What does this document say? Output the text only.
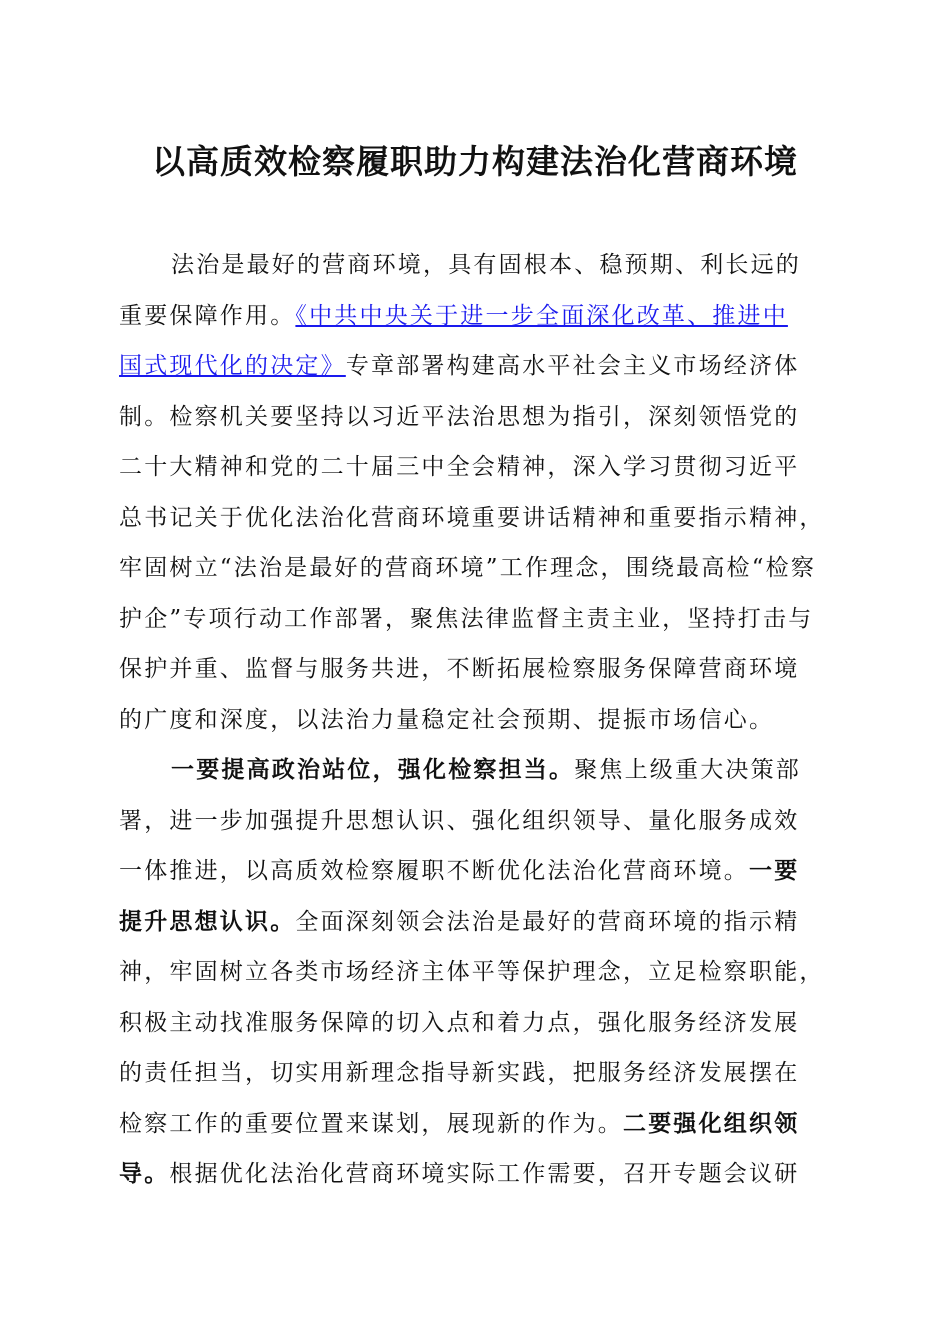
以高质效检察履职助力构建法治化营商环境
法治是最好的营商环境，具有固根本、稳预期、利长远的
重要保障作用。《中共中央关于进一步全面深化改革、推进中
国式现代化的决定》专章部署构建高水平社会主义市场经济体
制。检察机关要坚持以习近平法治思想为指引，深刻领悟党的
二十大精神和党的二十届三中全会精神，深入学习贯彻习近平
总书记关于优化法治化营商环境重要讲话精神和重要指示精神，
牢固树立“法治是最好的营商环境”工作理念，围绕最高检“检察
护企”专项行动工作部署，聚焦法律监督主责主业，坚持打击与
保护并重、监督与服务共进，不断拓展检察服务保障营商环境
的广度和深度，以法治力量稳定社会预期、提振市场信心。
一要提高政治站位，强化检察担当。聚焦上级重大决策部
署，进一步加强提升思想认识、强化组织领导、量化服务成效
一体推进，以高质效检察履职不断优化法治化营商环境。一要
提升思想认识。全面深刻领会法治是最好的营商环境的指示精
神，牢固树立各类市场经济主体平等保护理念，立足检察职能，
积极主动找准服务保障的切入点和着力点，强化服务经济发展
的责任担当，切实用新理念指导新实践，把服务经济发展摆在
检察工作的重要位置来谋划，展现新的作为。二要强化组织领
导。根据优化法治化营商环境实际工作需要，召开专题会议研
